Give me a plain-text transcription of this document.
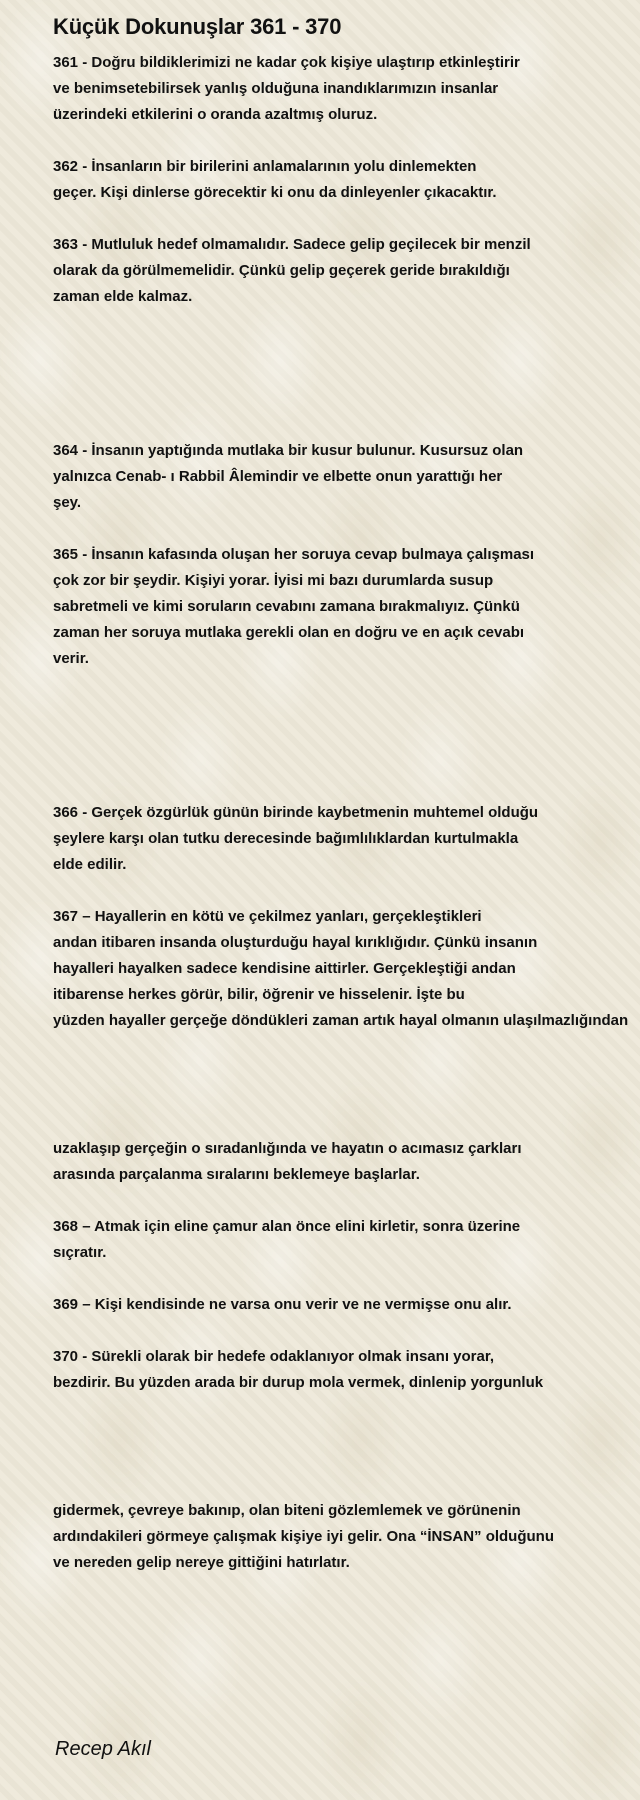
Küçük Dokunuşlar 361 - 370
361 - Doğru bildiklerimizi ne kadar çok kişiye ulaştırıp etkinleştirir
ve benimsetebilirsek yanlış olduğuna inandıklarımızın insanlar
üzerindeki etkilerini o oranda azaltmış oluruz.
362 - İnsanların bir birilerini anlamalarının yolu dinlemekten
geçer. Kişi dinlerse görecektir ki onu da dinleyenler çıkacaktır.
363 - Mutluluk hedef olmamalıdır. Sadece gelip geçilecek bir menzil
olarak da görülmemelidir. Çünkü gelip geçerek geride bırakıldığı
zaman elde kalmaz.
364 - İnsanın yaptığında mutlaka bir kusur bulunur. Kusursuz olan
yalnızca Cenab- ı Rabbil Âlemindir ve elbette onun yarattığı her
şey.
365 - İnsanın kafasında oluşan her soruya cevap bulmaya çalışması
çok zor bir şeydir. Kişiyi yorar. İyisi mi bazı durumlarda susup
sabretmeli ve kimi soruların cevabını zamana bırakmalıyız. Çünkü
zaman her soruya mutlaka gerekli olan en doğru ve en açık cevabı
verir.
366 - Gerçek özgürlük günün birinde kaybetmenin muhtemel olduğu
şeylere karşı olan tutku derecesinde bağımlılıklardan kurtulmakla
elde edilir.
367 – Hayallerin en kötü ve çekilmez yanları, gerçekleştikleri
andan itibaren insanda oluşturduğu hayal kırıklığıdır. Çünkü insanın
hayalleri hayalken sadece kendisine aittirler. Gerçekleştiği andan
itibarense herkes görür, bilir, öğrenir ve hisselenir. İşte bu
yüzden hayaller gerçeğe döndükleri zaman artık hayal olmanın ulaşılmazlığından
uzaklaşıp gerçeğin o sıradanlığında ve hayatın o acımasız çarkları
arasında parçalanma sıralarını beklemeye başlarlar.
368 – Atmak için eline çamur alan önce elini kirletir, sonra üzerine
sıçratır.
369 – Kişi kendisinde ne varsa onu verir ve ne vermişse onu alır.
370 - Sürekli olarak bir hedefe odaklanıyor olmak insanı yorar,
bezdirir. Bu yüzden arada bir durup mola vermek, dinlenip yorgunluk
gidermek, çevreye bakınıp, olan biteni gözlemlemek ve görünenin
ardındakileri görmeye çalışmak kişiye iyi gelir. Ona “İNSAN” olduğunu
ve nereden gelip nereye gittiğini hatırlatır.
Recep Akıl
